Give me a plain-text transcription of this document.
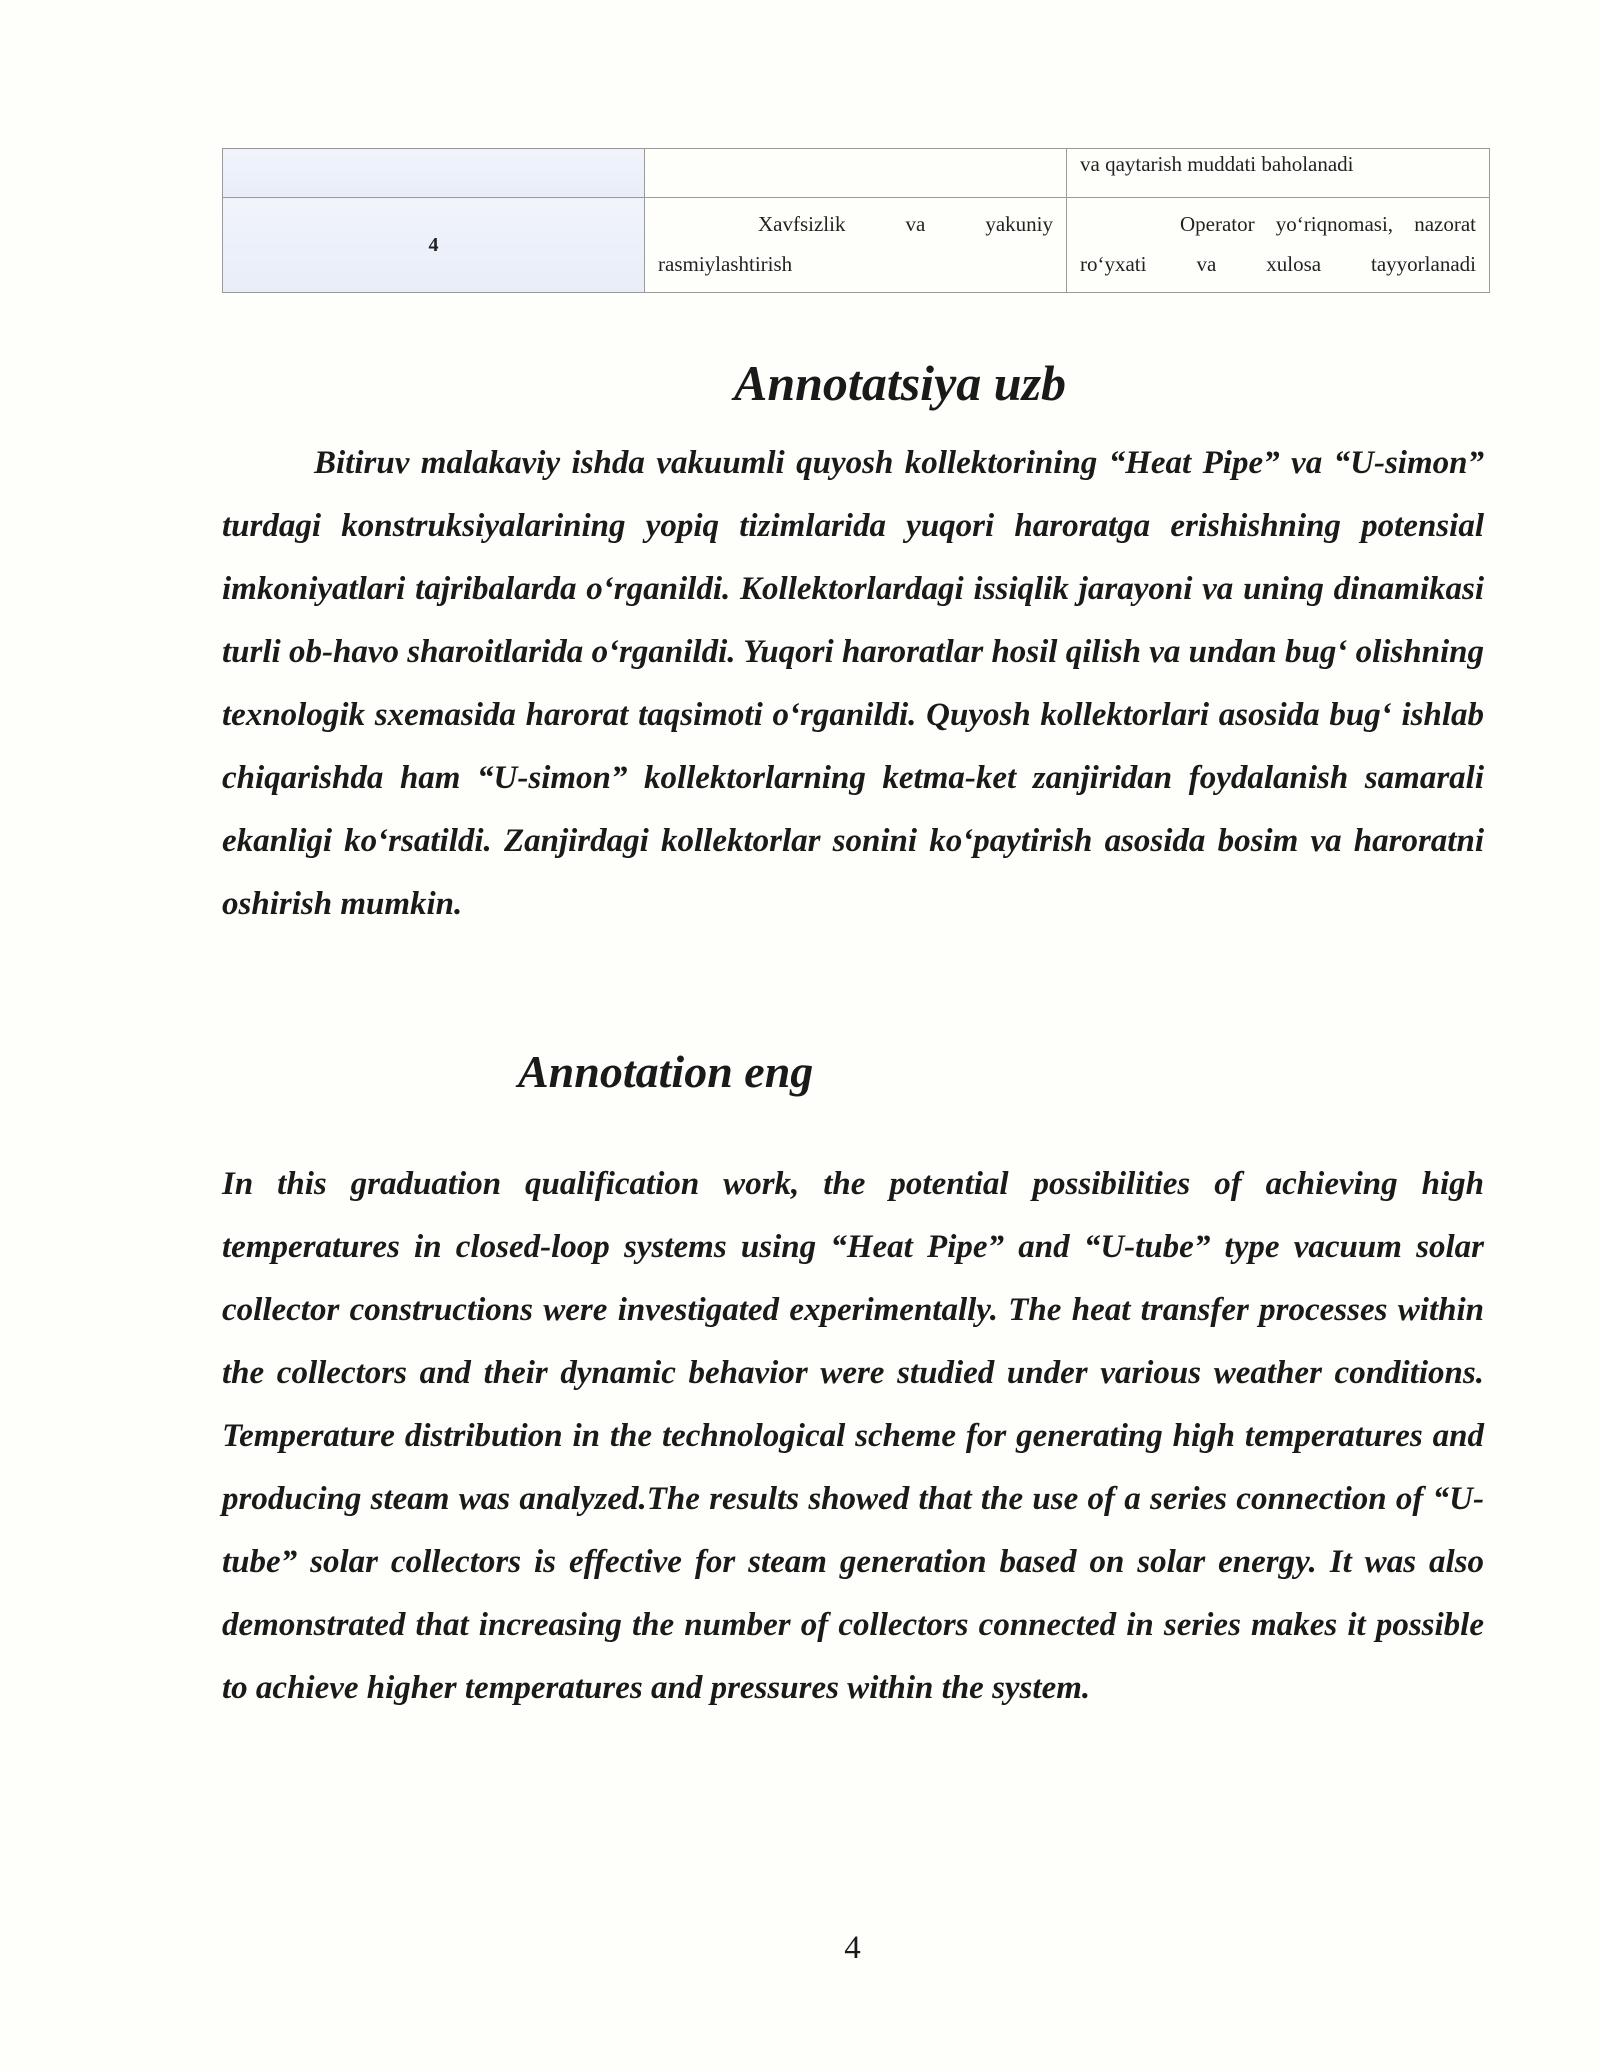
		va qaytarish muddati baholanadi

4	Xavfsizlik va yakuniy rasmiylashtirish	Operator yo‘riqnomasi, nazorat ro‘yxati va xulosa tayyorlanadi
Annotatsiya uzb

Bitiruv malakaviy ishda vakuumli quyosh kollektorining “Heat Pipe” va “U-simon” turdagi konstruksiyalarining yopiq tizimlarida yuqori haroratga erishishning potensial imkoniyatlari tajribalarda o‘rganildi. Kollektorlardagi issiqlik jarayoni va uning dinamikasi turli ob-havo sharoitlarida o‘rganildi. Yuqori haroratlar hosil qilish va undan bug‘ olishning texnologik sxemasida harorat taqsimoti o‘rganildi. Quyosh kollektorlari asosida bug‘ ishlab chiqarishda ham “U-simon” kollektorlarning ketma-ket zanjiridan foydalanish samarali ekanligi ko‘rsatildi. Zanjirdagi kollektorlar sonini ko‘paytirish asosida bosim va haroratni oshirish mumkin.

Annotation eng

In this graduation qualification work, the potential possibilities of achieving high temperatures in closed-loop systems using “Heat Pipe” and “U-tube” type vacuum solar collector constructions were investigated experimentally. The heat transfer processes within the collectors and their dynamic behavior were studied under various weather conditions. Temperature distribution in the technological scheme for generating high temperatures and producing steam was analyzed.The results showed that the use of a series connection of “U-tube” solar collectors is effective for steam generation based on solar energy. It was also demonstrated that increasing the number of collectors connected in series makes it possible to achieve higher temperatures and pressures within the system.

4
